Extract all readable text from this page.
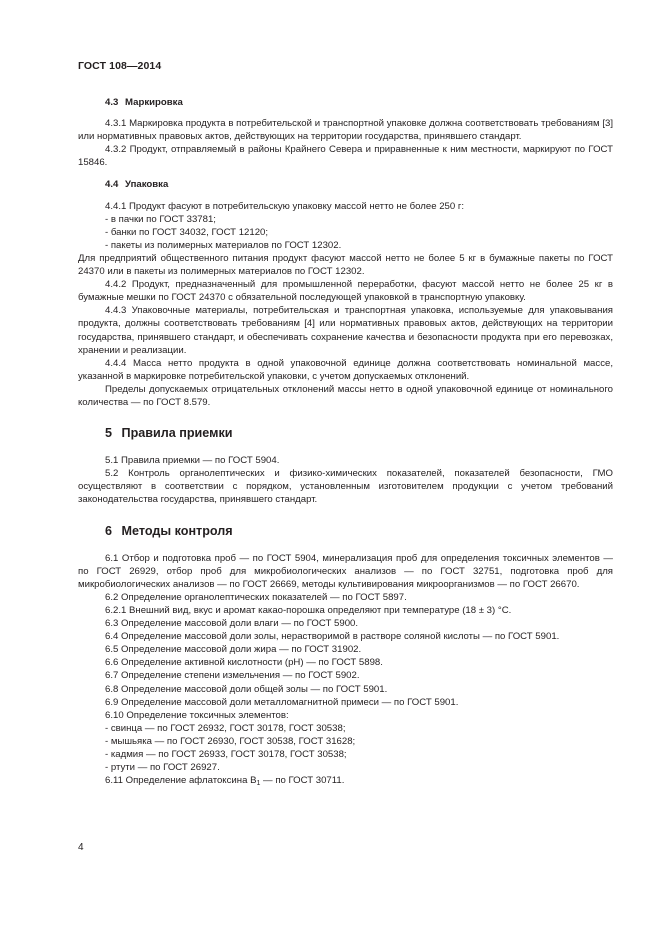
ГОСТ 108—2014
4.3 Маркировка

4.3.1 Маркировка продукта в потребительской и транспортной упаковке должна соответствовать требованиям [3] или нормативных правовых актов, действующих на территории государства, принявшего стандарт.

4.3.2 Продукт, отправляемый в районы Крайнего Севера и приравненные к ним местности, маркируют по ГОСТ 15846.

4.4 Упаковка

4.4.1 Продукт фасуют в потребительскую упаковку массой нетто не более 250 г:

- в пачки по ГОСТ 33781;
- банки по ГОСТ 34032, ГОСТ 12120;
- пакеты из полимерных материалов по ГОСТ 12302.

Для предприятий общественного питания продукт фасуют массой нетто не более 5 кг в бумажные пакеты по ГОСТ 24370 или в пакеты из полимерных материалов по ГОСТ 12302.

4.4.2 Продукт, предназначенный для промышленной переработки, фасуют массой нетто не более 25 кг в бумажные мешки по ГОСТ 24370 с обязательной последующей упаковкой в транспортную упаковку.

4.4.3 Упаковочные материалы, потребительская и транспортная упаковка, используемые для упаковывания продукта, должны соответствовать требованиям [4] или нормативных правовых актов, действующих на территории государства, принявшего стандарт, и обеспечивать сохранение качества и безопасности продукта при его перевозках, хранении и реализации.

4.4.4 Масса нетто продукта в одной упаковочной единице должна соответствовать номинальной массе, указанной в маркировке потребительской упаковки, с учетом допускаемых отклонений.

Пределы допускаемых отрицательных отклонений массы нетто в одной упаковочной единице от номинального количества — по ГОСТ 8.579.

5 Правила приемки

5.1 Правила приемки — по ГОСТ 5904.

5.2 Контроль органолептических и физико-химических показателей, показателей безопасности, ГМО осуществляют в соответствии с порядком, установленным изготовителем продукции с учетом требований законодательства государства, принявшего стандарт.

6 Методы контроля

6.1 Отбор и подготовка проб — по ГОСТ 5904, минерализация проб для определения токсичных элементов — по ГОСТ 26929, отбор проб для микробиологических анализов — по ГОСТ 32751, подготовка проб для микробиологических анализов — по ГОСТ 26669, методы культивирования микроорганизмов — по ГОСТ 26670.

6.2 Определение органолептических показателей — по ГОСТ 5897.

6.2.1 Внешний вид, вкус и аромат какао-порошка определяют при температуре (18 ± 3) °С.

6.3 Определение массовой доли влаги — по ГОСТ 5900.

6.4 Определение массовой доли золы, нерастворимой в растворе соляной кислоты — по ГОСТ 5901.

6.5 Определение массовой доли жира — по ГОСТ 31902.

6.6 Определение активной кислотности (pH) — по ГОСТ 5898.

6.7 Определение степени измельчения — по ГОСТ 5902.

6.8 Определение массовой доли общей золы — по ГОСТ 5901.

6.9 Определение массовой доли металломагнитной примеси — по ГОСТ 5901.

6.10 Определение токсичных элементов:

- свинца — по ГОСТ 26932, ГОСТ 30178, ГОСТ 30538;
- мышьяка — по ГОСТ 26930, ГОСТ 30538, ГОСТ 31628;
- кадмия — по ГОСТ 26933, ГОСТ 30178, ГОСТ 30538;
- ртути — по ГОСТ 26927.

6.11 Определение афлатоксина $B_1$ — по ГОСТ 30711.

4
